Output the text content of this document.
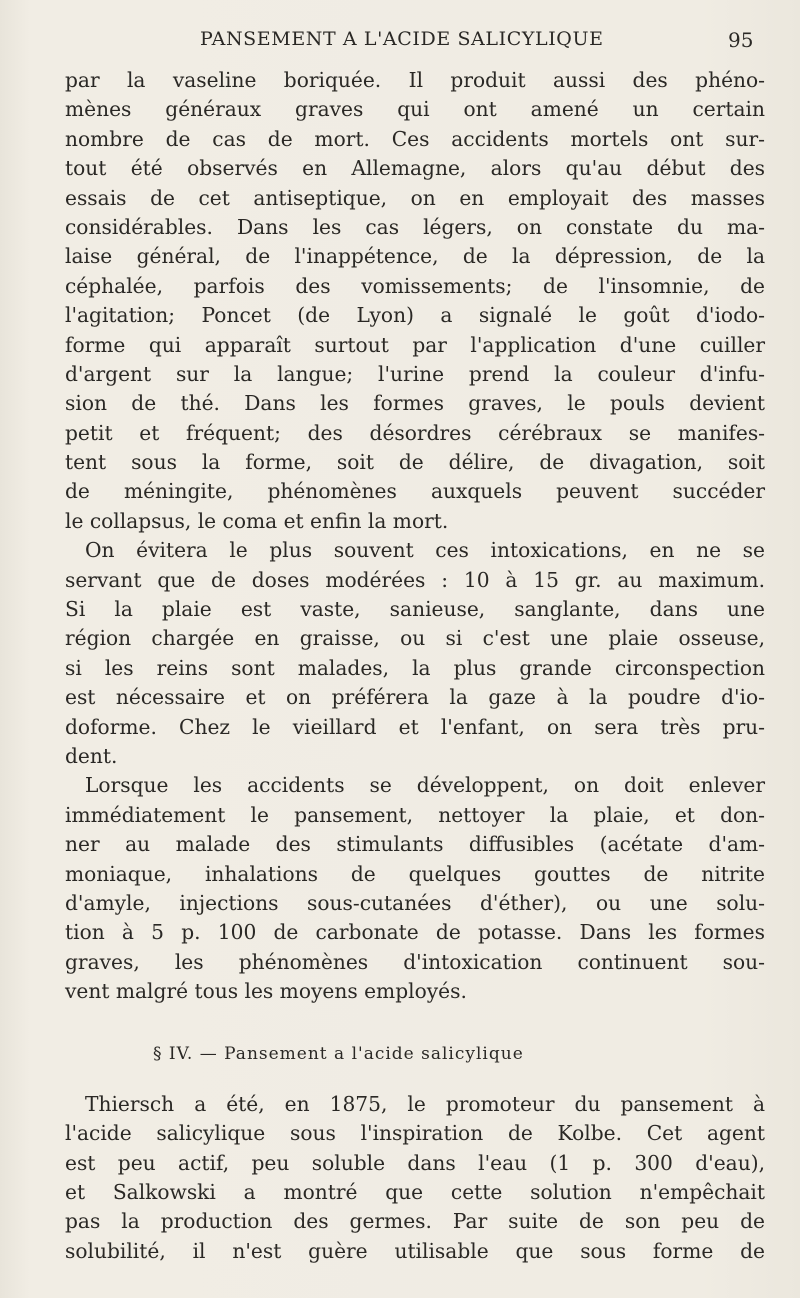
PANSEMENT A L'ACIDE SALICYLIQUE	95
par la vaseline boriquée. Il produit aussi des phéno-
mènes généraux graves qui ont amené un certain
nombre de cas de mort. Ces accidents mortels ont sur-
tout été observés en Allemagne, alors qu'au début des
essais de cet antiseptique, on en employait des masses
considérables. Dans les cas légers, on constate du ma-
laise général, de l'inappétence, de la dépression, de la
céphalée, parfois des vomissements; de l'insomnie, de
l'agitation; Poncet (de Lyon) a signalé le goût d'iodo-
forme qui apparaît surtout par l'application d'une cuiller
d'argent sur la langue; l'urine prend la couleur d'infu-
sion de thé. Dans les formes graves, le pouls devient
petit et fréquent; des désordres cérébraux se manifes-
tent sous la forme, soit de délire, de divagation, soit
de méningite, phénomènes auxquels peuvent succéder
le collapsus, le coma et enfin la mort.
On évitera le plus souvent ces intoxications, en ne se
servant que de doses modérées : 10 à 15 gr. au maximum.
Si la plaie est vaste, sanieuse, sanglante, dans une
région chargée en graisse, ou si c'est une plaie osseuse,
si les reins sont malades, la plus grande circonspection
est nécessaire et on préférera la gaze à la poudre d'io-
doforme. Chez le vieillard et l'enfant, on sera très pru-
dent.
Lorsque les accidents se développent, on doit enlever
immédiatement le pansement, nettoyer la plaie, et don-
ner au malade des stimulants diffusibles (acétate d'am-
moniaque, inhalations de quelques gouttes de nitrite
d'amyle, injections sous-cutanées d'éther), ou une solu-
tion à 5 p. 100 de carbonate de potasse. Dans les formes
graves, les phénomènes d'intoxication continuent sou-
vent malgré tous les moyens employés.
§ IV. — Pansement a l'acide salicylique
Thiersch a été, en 1875, le promoteur du pansement à
l'acide salicylique sous l'inspiration de Kolbe. Cet agent
est peu actif, peu soluble dans l'eau (1 p. 300 d'eau),
et Salkowski a montré que cette solution n'empêchait
pas la production des germes. Par suite de son peu de
solubilité, il n'est guère utilisable que sous forme de
